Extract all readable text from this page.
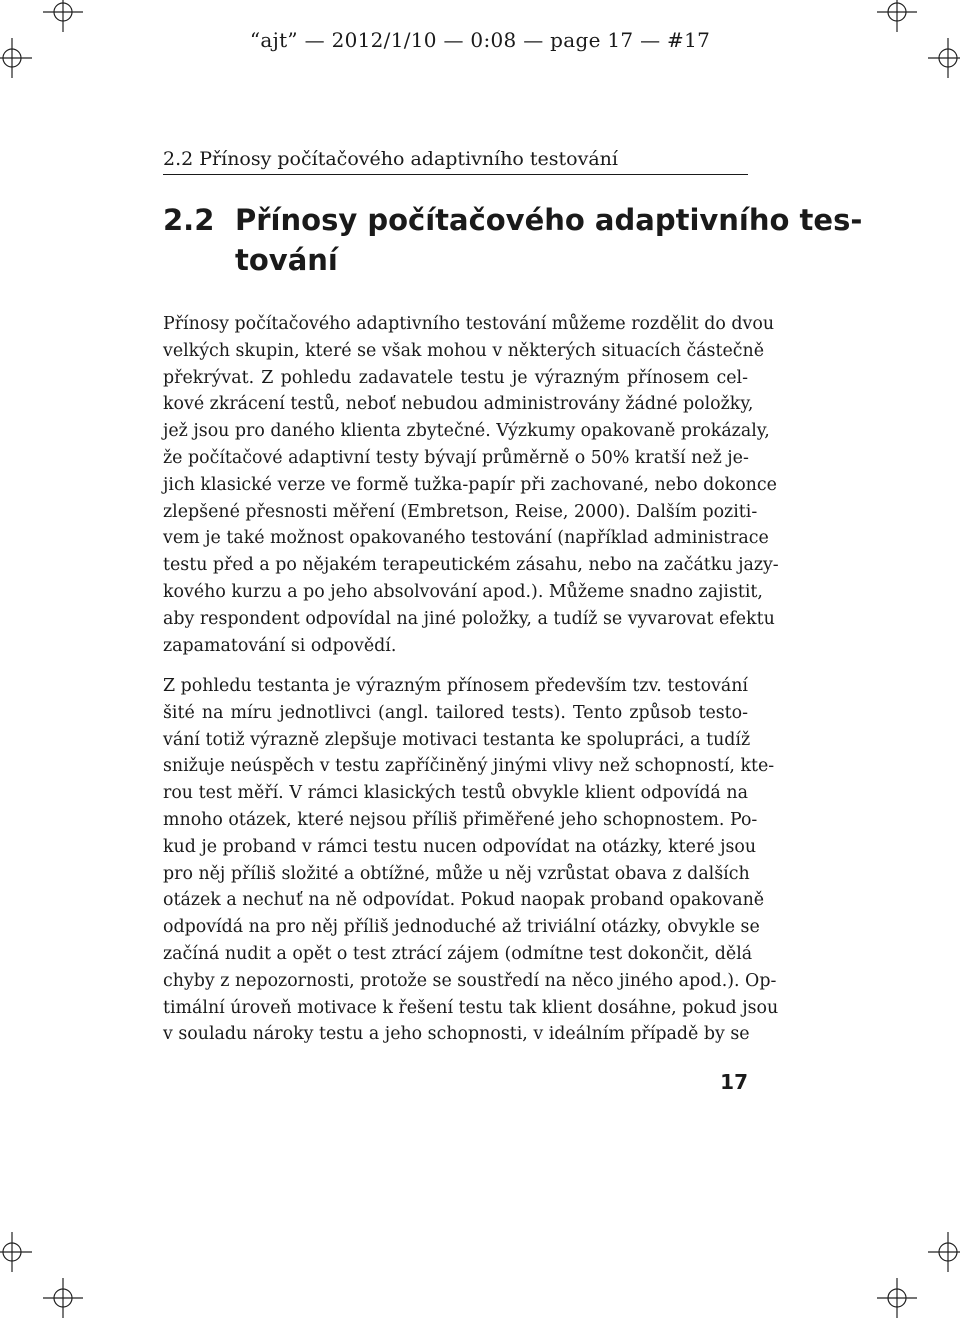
“ajt” — 2012/1/10 — 0:08 — page 17 — #17
2.2 Přínosy počítačového adaptivního testování
2.2 Přínosy počítačového adaptivního tes-
tování

Přínosy počítačového adaptivního testování můžeme rozdělit do dvou
velkých skupin, které se však mohou v některých situacích částečně
překrývat. Z pohledu zadavatele testu je výrazným přínosem cel-
kové zkrácení testů, neboť nebudou administrovány žádné položky,
jež jsou pro daného klienta zbytečné. Výzkumy opakovaně prokázaly,
že počítačové adaptivní testy bývají průměrně o 50% kratší než je-
jich klasické verze ve formě tužka-papír při zachované, nebo dokonce
zlepšené přesnosti měření (Embretson, Reise, 2000). Dalším poziti-
vem je také možnost opakovaného testování (například administrace
testu před a po nějakém terapeutickém zásahu, nebo na začátku jazy-
kového kurzu a po jeho absolvování apod.). Můžeme snadno zajistit,
aby respondent odpovídal na jiné položky, a tudíž se vyvarovat efektu
zapamatování si odpovědí.

Z pohledu testanta je výrazným přínosem především tzv. testování
šité na míru jednotlivci (angl. tailored tests). Tento způsob testo-
vání totiž výrazně zlepšuje motivaci testanta ke spolupráci, a tudíž
snižuje neúspěch v testu zapříčiněný jinými vlivy než schopností, kte-
rou test měří. V rámci klasických testů obvykle klient odpovídá na
mnoho otázek, které nejsou příliš přiměřené jeho schopnostem. Po-
kud je proband v rámci testu nucen odpovídat na otázky, které jsou
pro něj příliš složité a obtížné, může u něj vzrůstat obava z dalších
otázek a nechuť na ně odpovídat. Pokud naopak proband opakovaně
odpovídá na pro něj příliš jednoduché až triviální otázky, obvykle se
začíná nudit a opět o test ztrácí zájem (odmítne test dokončit, dělá
chyby z nepozornosti, protože se soustředí na něco jiného apod.). Op-
timální úroveň motivace k řešení testu tak klient dosáhne, pokud jsou
v souladu nároky testu a jeho schopnosti, v ideálním případě by se

17
